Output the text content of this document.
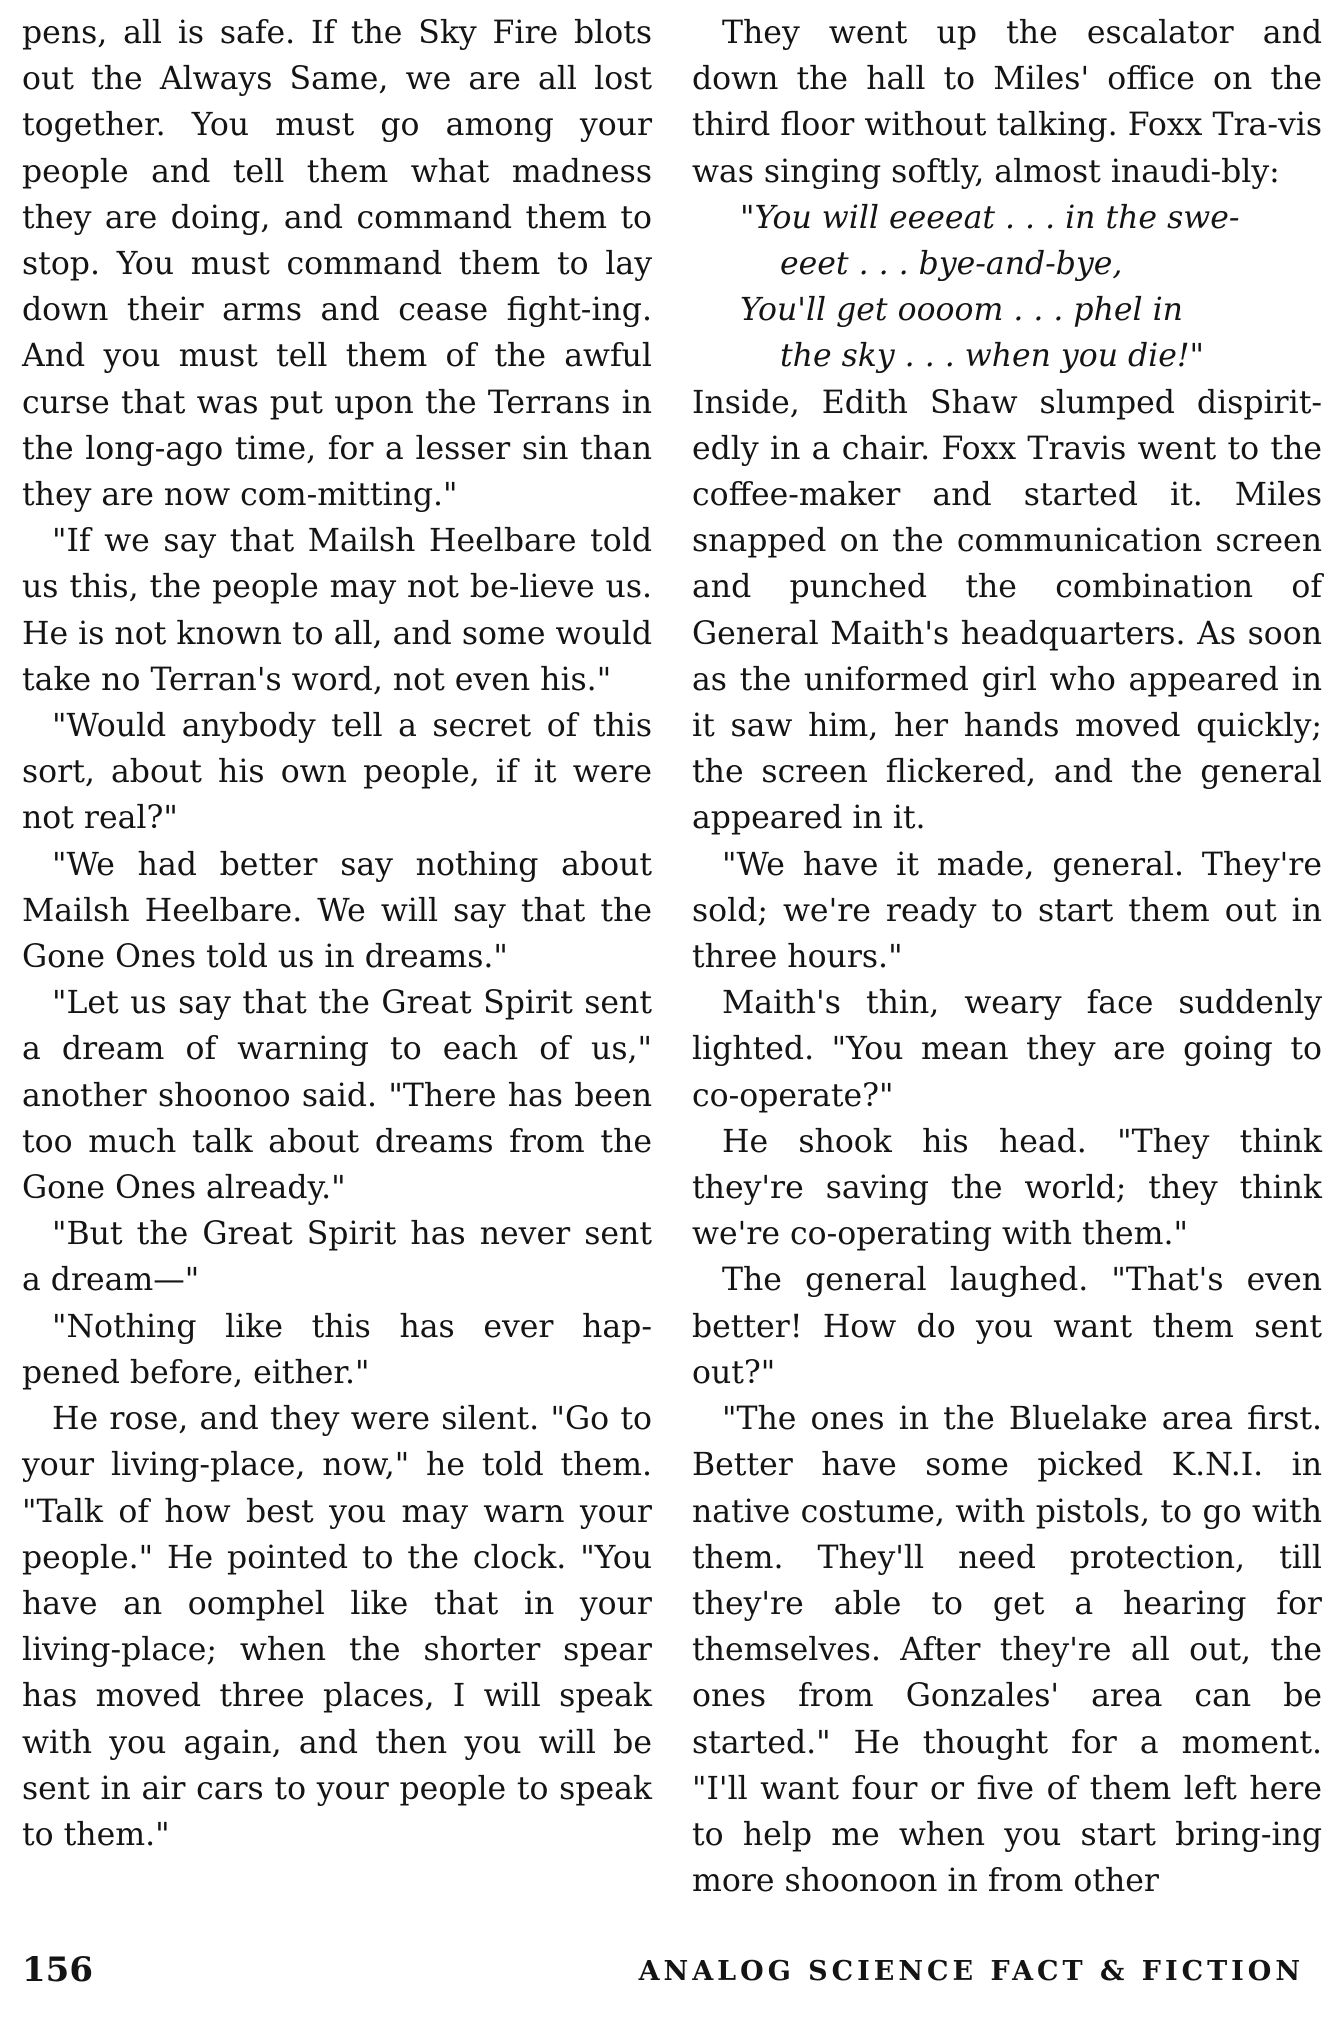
pens, all is safe. If the Sky Fire blots out the Always Same, we are all lost together. You must go among your people and tell them what madness they are doing, and command them to stop. You must command them to lay down their arms and cease fight-ing. And you must tell them of the awful curse that was put upon the Terrans in the long-ago time, for a lesser sin than they are now com-mitting."

"If we say that Mailsh Heelbare told us this, the people may not be-lieve us. He is not known to all, and some would take no Terran's word, not even his."

"Would anybody tell a secret of this sort, about his own people, if it were not real?"

"We had better say nothing about Mailsh Heelbare. We will say that the Gone Ones told us in dreams."

"Let us say that the Great Spirit sent a dream of warning to each of us," another shoonoo said. "There has been too much talk about dreams from the Gone Ones already."

"But the Great Spirit has never sent a dream—"

"Nothing like this has ever hap-pened before, either."

He rose, and they were silent. "Go to your living-place, now," he told them. "Talk of how best you may warn your people." He pointed to the clock. "You have an oomphel like that in your living-place; when the shorter spear has moved three places, I will speak with you again, and then you will be sent in air cars to your people to speak to them."

They went up the escalator and down the hall to Miles' office on the third floor without talking. Foxx Tra-vis was singing softly, almost inaudi-bly:

"You will eeeeat . . . in the swe-
eeet . . . bye-and-bye,
You'll get oooom . . . phel in
the sky . . . when you die!"

Inside, Edith Shaw slumped dispirit-edly in a chair. Foxx Travis went to the coffee-maker and started it. Miles snapped on the communication screen and punched the combination of General Maith's headquarters. As soon as the uniformed girl who appeared in it saw him, her hands moved quickly; the screen flickered, and the general appeared in it.

"We have it made, general. They're sold; we're ready to start them out in three hours."

Maith's thin, weary face suddenly lighted. "You mean they are going to co-operate?"

He shook his head. "They think they're saving the world; they think we're co-operating with them."

The general laughed. "That's even better! How do you want them sent out?"

"The ones in the Bluelake area first. Better have some picked K.N.I. in native costume, with pistols, to go with them. They'll need protection, till they're able to get a hearing for themselves. After they're all out, the ones from Gonzales' area can be started." He thought for a moment. "I'll want four or five of them left here to help me when you start bring-ing more shoonoon in from other

156	ANALOG SCIENCE FACT & FICTION
